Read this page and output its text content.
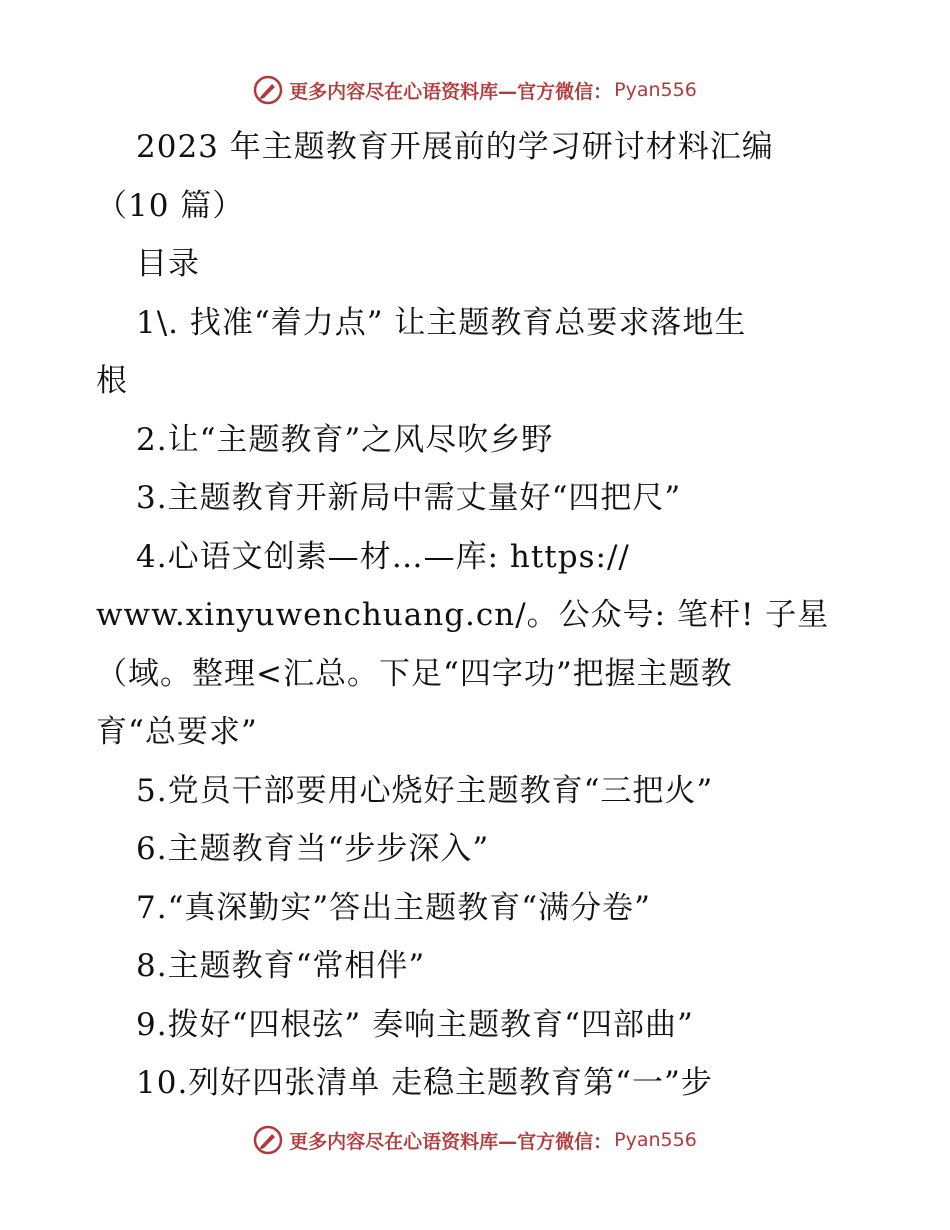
更多内容尽在心语资料库—官方微信： Pyan556
2023 年主题教育开展前的学习研讨材料汇编
（10 篇）
目录
1\. 找准“着力点” 让主题教育总要求落地生
根
2.让“主题教育”之风尽吹乡野
3.主题教育开新局中需丈量好“四把尺”
4.心语文创素—材…—库: https://
www.xinyuwenchuang.cn/。公众号: 笔杆! 子星
（域。整理<汇总。下足“四字功”把握主题教
育“总要求”
5.党员干部要用心烧好主题教育“三把火”
6.主题教育当“步步深入”
7.“真深勤实”答出主题教育“满分卷”
8.主题教育“常相伴”
9.拨好“四根弦” 奏响主题教育“四部曲”
10.列好四张清单 走稳主题教育第“一”步
更多内容尽在心语资料库—官方微信： Pyan556
